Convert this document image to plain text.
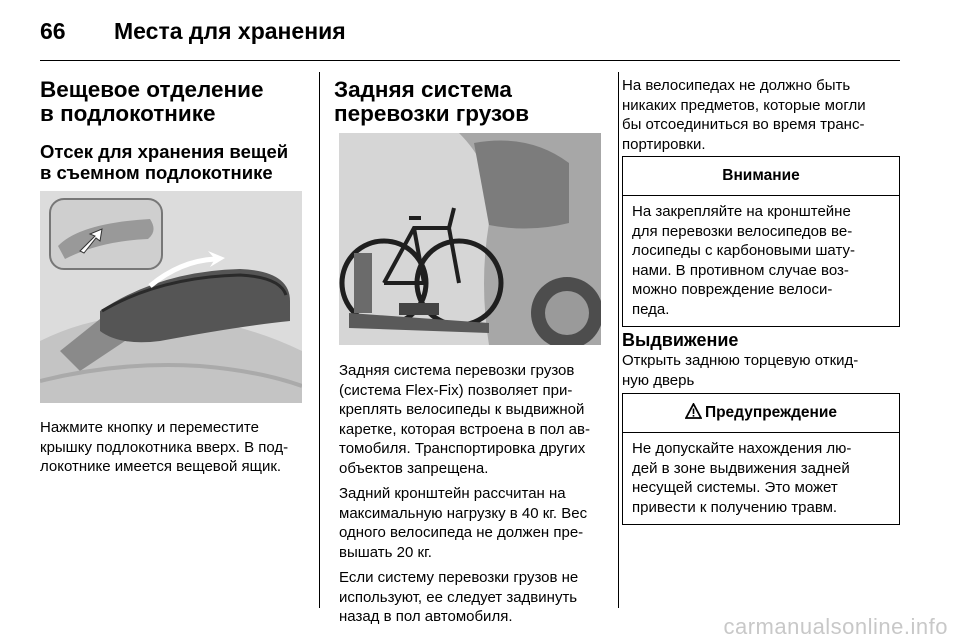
66 Места для хранения
Вещевое отделение
в подлокотнике
Отсек для хранения вещей
в съемном подлокотнике

Нажмите кнопку и переместите
крышку подлокотника вверх. В под-
локотнике имеется вещевой ящик.

Задняя система
перевозки грузов

Задняя система перевозки грузов
(система Flex-Fix) позволяет при-
креплять велосипеды к выдвижной
каретке, которая встроена в пол ав-
томобиля. Транспортировка других
объектов запрещена.

Задний кронштейн рассчитан на
максимальную нагрузку в 40 кг. Вес
одного велосипеда не должен пре-
вышать 20 кг.

Если систему перевозки грузов не
используют, ее следует задвинуть
назад в пол автомобиля.

На велосипедах не должно быть
никаких предметов, которые могли
бы отсоединиться во время транс-
портировки.

Внимание

На закрепляйте на кронштейне
для перевозки велосипедов ве-
лосипеды с карбоновыми шату-
нами. В противном случае воз-
можно повреждение велоси-
педа.

Выдвижение

Открыть заднюю торцевую откид-
ную дверь

Предупреждение

Не допускайте нахождения лю-
дей в зоне выдвижения задней
несущей системы. Это может
привести к получению травм.

carmanualsonline.info
